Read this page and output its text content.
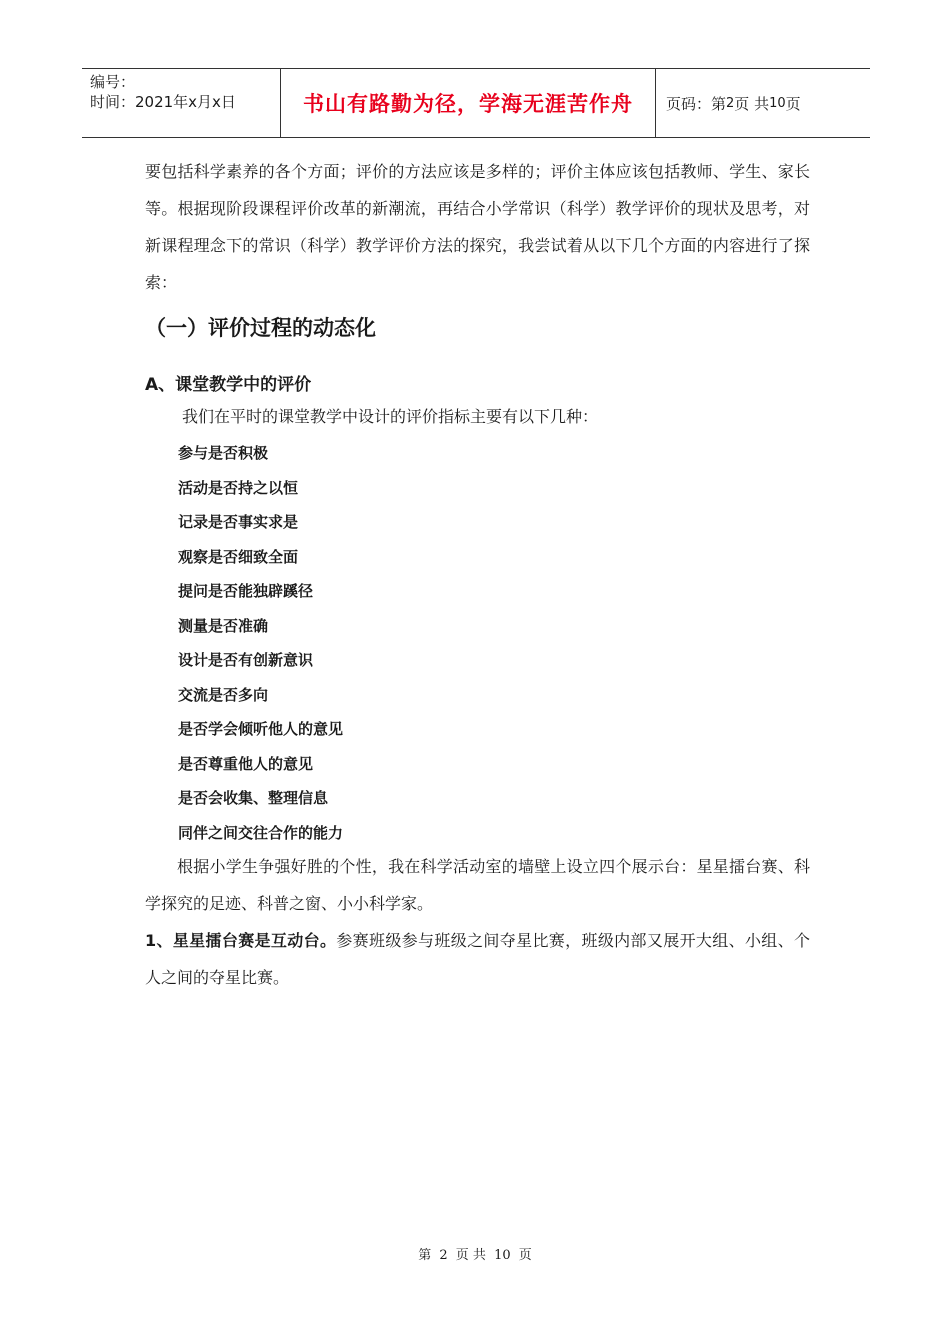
编号：
时间：2021年x月x日	书山有路勤为径，学海无涯苦作舟	页码：第 2 页 共 10 页
要包括科学素养的各个方面；评价的方法应该是多样的；评价主体应该包括教师、学生、家长等。根据现阶段课程评价改革的新潮流，再结合小学常识（科学）教学评价的现状及思考，对新课程理念下的常识（科学）教学评价方法的探究，我尝试着从以下几个方面的内容进行了探索：
（一）评价过程的动态化
A、课堂教学中的评价
我们在平时的课堂教学中设计的评价指标主要有以下几种：
参与是否积极
活动是否持之以恒
记录是否事实求是
观察是否细致全面
提问是否能独辟蹊径
测量是否准确
设计是否有创新意识
交流是否多向
是否学会倾听他人的意见
是否尊重他人的意见
是否会收集、整理信息
同伴之间交往合作的能力
根据小学生争强好胜的个性，我在科学活动室的墙壁上设立四个展示台：星星擂台赛、科学探究的足迹、科普之窗、小小科学家。
1、星星擂台赛是互动台。参赛班级参与班级之间夺星比赛，班级内部又展开大组、小组、个人之间的夺星比赛。
第 2 页 共 10 页
